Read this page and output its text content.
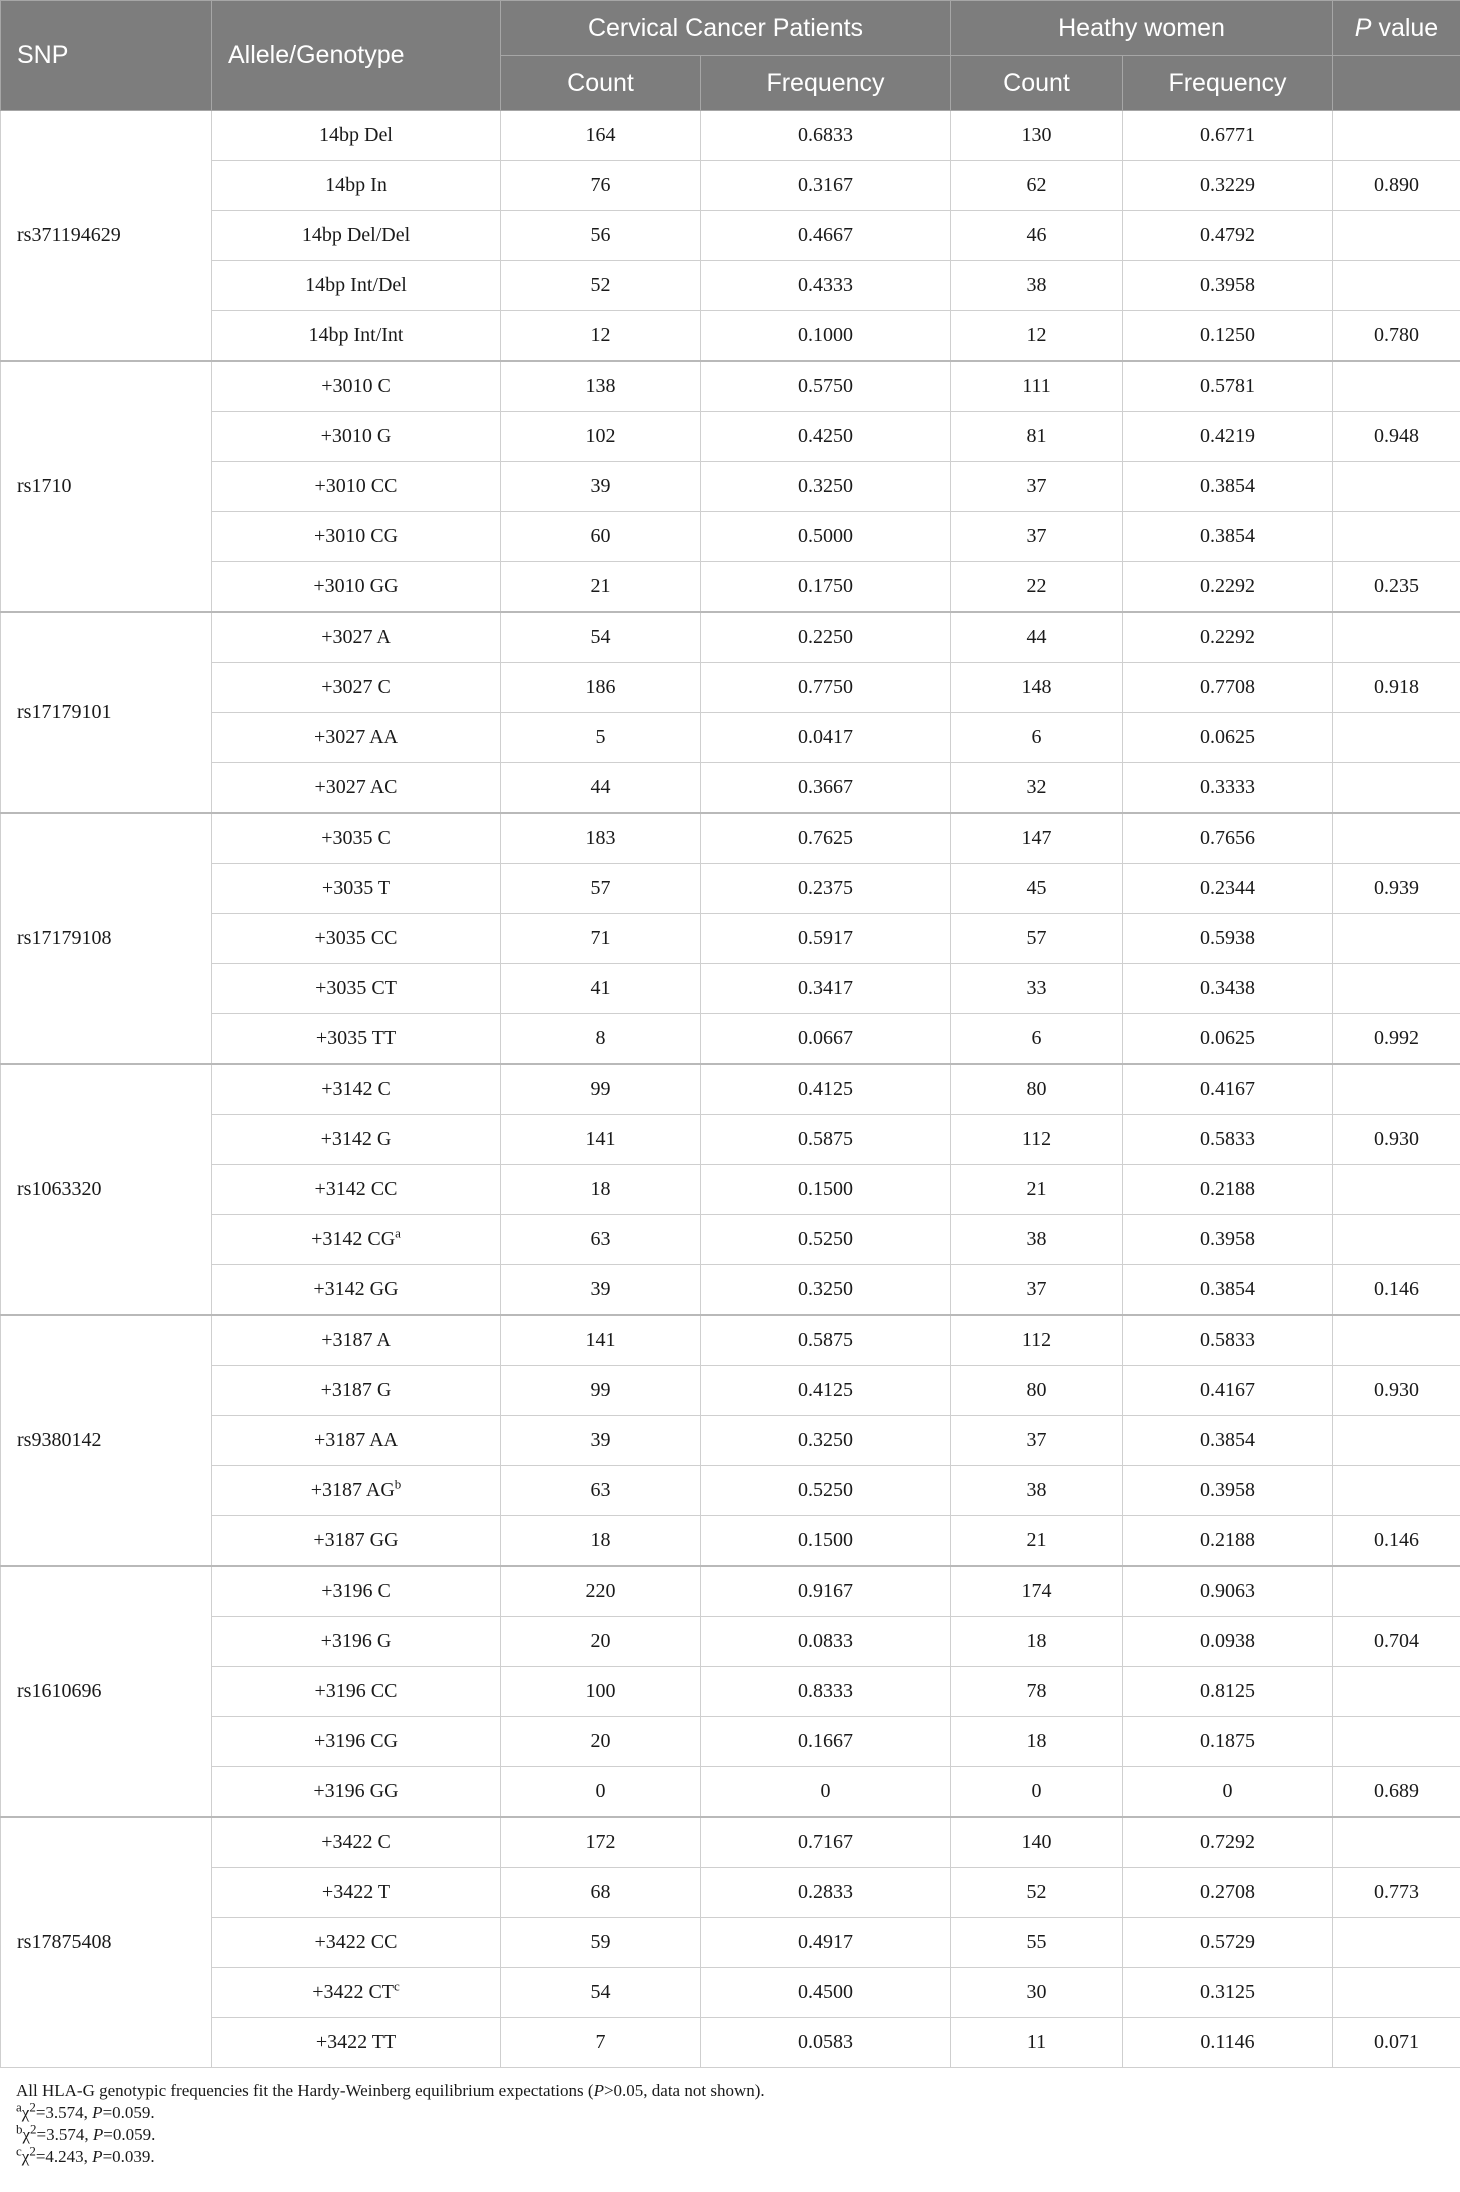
SNP	Allele/Genotype	Cervical Cancer Patients		Heathy women		P value
		Count	Frequency	Count	Frequency	
rs371194629	14bp Del	164	0.6833	130	0.6771	
	14bp In	76	0.3167	62	0.3229	0.890
	14bp Del/Del	56	0.4667	46	0.4792	
	14bp Int/Del	52	0.4333	38	0.3958	
	14bp Int/Int	12	0.1000	12	0.1250	0.780
rs1710	+3010 C	138	0.5750	111	0.5781	
	+3010 G	102	0.4250	81	0.4219	0.948
	+3010 CC	39	0.3250	37	0.3854	
	+3010 CG	60	0.5000	37	0.3854	
	+3010 GG	21	0.1750	22	0.2292	0.235
rs17179101	+3027 A	54	0.2250	44	0.2292	
	+3027 C	186	0.7750	148	0.7708	0.918
	+3027 AA	5	0.0417	6	0.0625	
	+3027 AC	44	0.3667	32	0.3333	
rs17179108	+3035 C	183	0.7625	147	0.7656	
	+3035 T	57	0.2375	45	0.2344	0.939
	+3035 CC	71	0.5917	57	0.5938	
	+3035 CT	41	0.3417	33	0.3438	
	+3035 TT	8	0.0667	6	0.0625	0.992
rs1063320	+3142 C	99	0.4125	80	0.4167	
	+3142 G	141	0.5875	112	0.5833	0.930
	+3142 CC	18	0.1500	21	0.2188	
	+3142 $CG^a$	63	0.5250	38	0.3958	
	+3142 GG	39	0.3250	37	0.3854	0.146
rs9380142	+3187 A	141	0.5875	112	0.5833	
	+3187 G	99	0.4125	80	0.4167	0.930
	+3187 AA	39	0.3250	37	0.3854	
	+3187 $AG^b$	63	0.5250	38	0.3958	
	+3187 GG	18	0.1500	21	0.2188	0.146
rs1610696	+3196 C	220	0.9167	174	0.9063	
	+3196 G	20	0.0833	18	0.0938	0.704
	+3196 CC	100	0.8333	78	0.8125	
	+3196 CG	20	0.1667	18	0.1875	
	+3196 GG	0	0	0	0	0.689
rs17875408	+3422 C	172	0.7167	140	0.7292	
	+3422 T	68	0.2833	52	0.2708	0.773
	+3422 CC	59	0.4917	55	0.5729	
	+3422 $CT^c$	54	0.4500	30	0.3125	
	+3422 TT	7	0.0583	11	0.1146	0.071
All HLA-G genotypic frequencies fit the Hardy-Weinberg equilibrium expectations (P>0.05, data not shown).
$^a\chi^2=3.574$, P=0.059.
$^b\chi^2=3.574$, P=0.059.
$^c\chi^2=4.243$, P=0.039.
